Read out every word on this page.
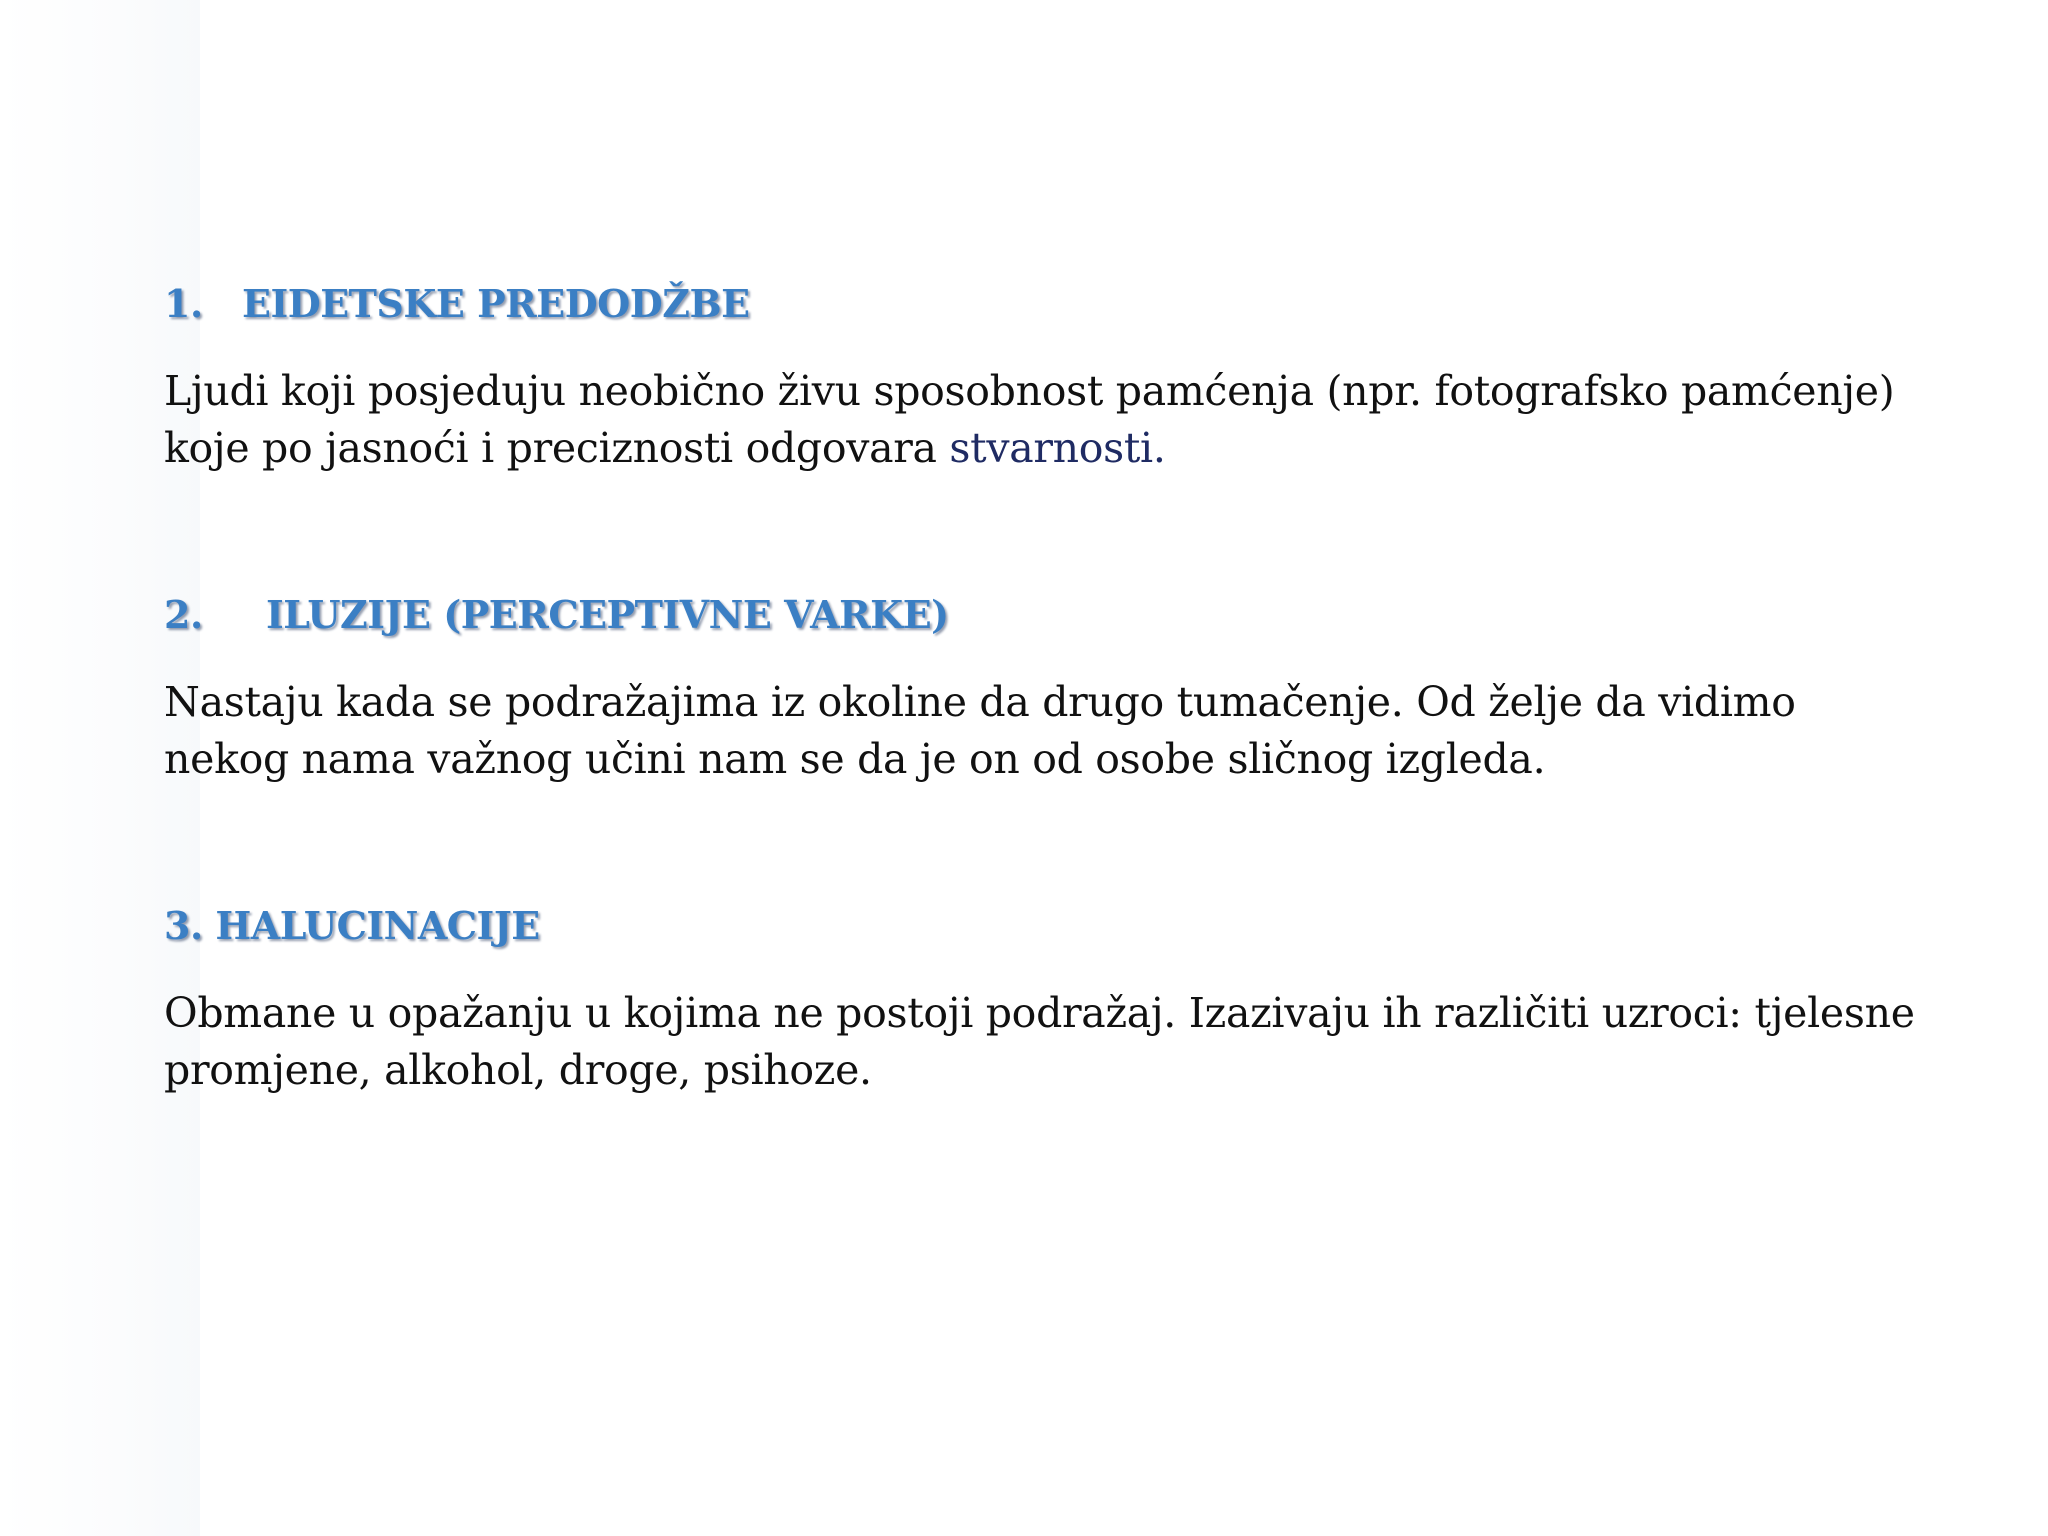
1. EIDETSKE PREDODŽBE

Ljudi koji posjeduju neobično živu sposobnost pamćenja (npr. fotografsko pamćenje) koje po jasnoći i preciznosti odgovara stvarnosti.

2. ILUZIJE (PERCEPTIVNE VARKE)

Nastaju kada se podražajima iz okoline da drugo tumačenje. Od želje da vidimo nekog nama važnog učini nam se da je on od osobe sličnog izgleda.

3. HALUCINACIJE

Obmane u opažanju u kojima ne postoji podražaj. Izazivaju ih različiti uzroci: tjelesne promjene, alkohol, droge, psihoze.
